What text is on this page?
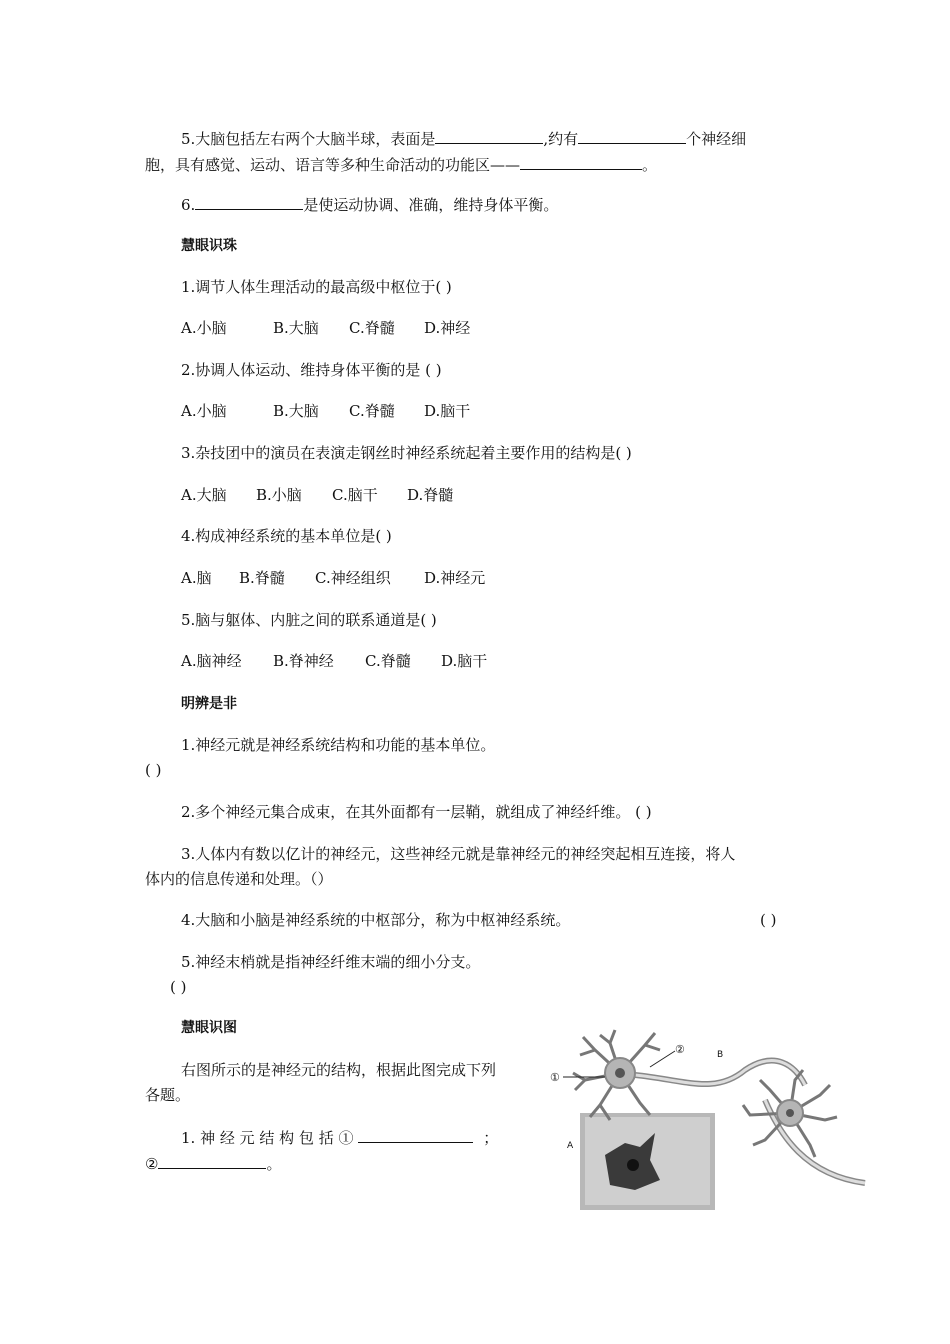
5.大脑包括左右两个大脑半球，表面是	,约有	个神经细
胞，具有感觉、运动、语言等多种生命活动的功能区——	。
6.	是使运动协调、准确，维持身体平衡。
慧眼识珠
1.调节人体生理活动的最高级中枢位于( )
A.小脑	B.大脑 C.脊髓 D.神经
2.协调人体运动、维持身体平衡的是 ( )
A.小脑	B.大脑 C.脊髓 D.脑干
3.杂技团中的演员在表演走钢丝时神经系统起着主要作用的结构是( )
A.大脑 B.小脑 C.脑干 D.脊髓
4.构成神经系统的基本单位是( )
A.脑 B.脊髓 C.神经组织 D.神经元
5.脑与躯体、内脏之间的联系通道是( )
A.脑神经 B.脊神经 C.脊髓 D.脑干
明辨是非
1.神经元就是神经系统结构和功能的基本单位。
( )
2.多个神经元集合成束，在其外面都有一层鞘，就组成了神经纤维。 ( )
3.人体内有数以亿计的神经元，这些神经元就是靠神经元的神经突起相互连接，将人
体内的信息传递和处理。（）
4.大脑和小脑是神经系统的中枢部分，称为中枢神经系统。	( )
5.神经末梢就是指神经纤维末端的细小分支。
( )
慧眼识图
右图所示的是神经元的结构，根据此图完成下列
各题。
1. 神 经 元 结 构 包 括 ①	；
②	。
①
②	B
A
